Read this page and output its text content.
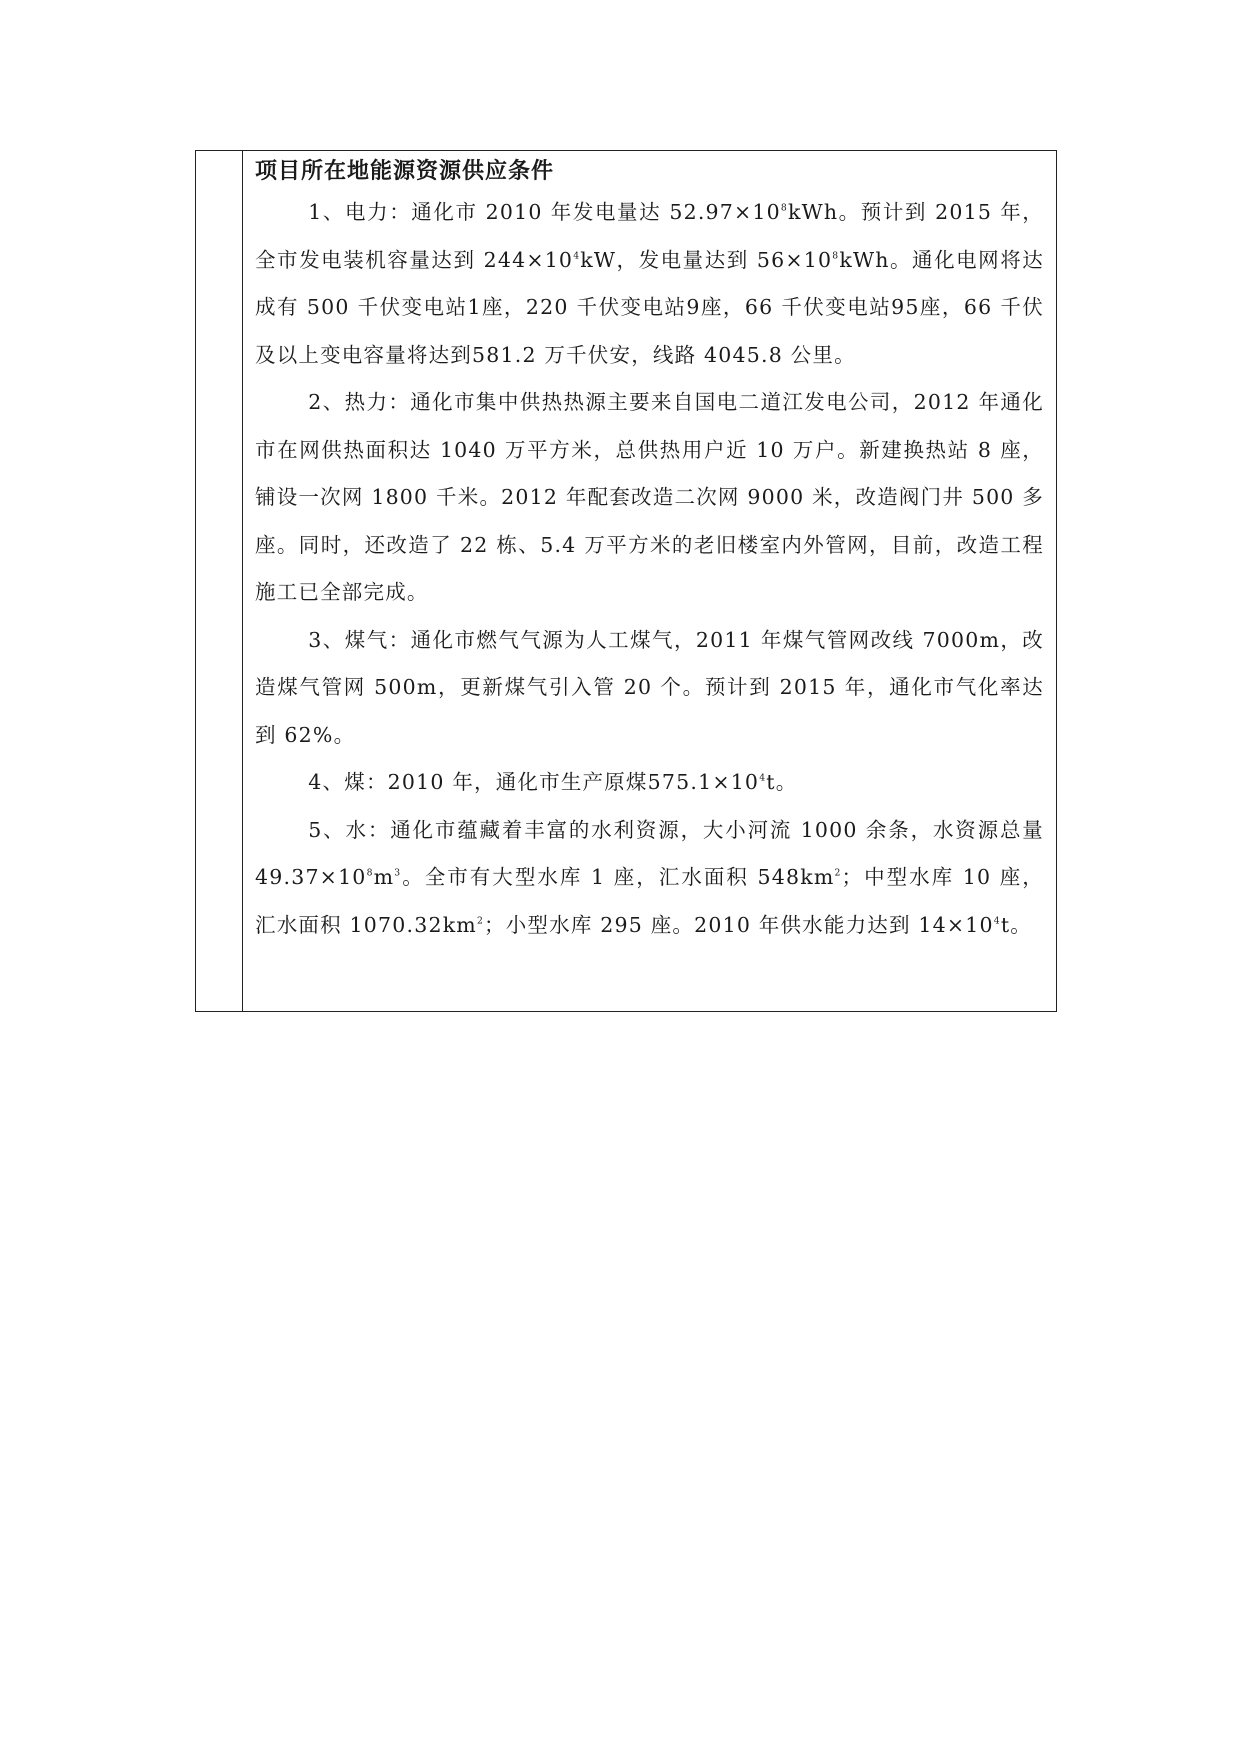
项目所在地能源资源供应条件

1、电力：通化市 2010 年发电量达 $52.97\times 10^8kWh$。预计到 2015 年，全市发电装机容量达到 $244\times 10^4kW$，发电量达到 $56\times 10^8kWh$。通化电网将达成有 500 千伏变电站1座，220 千伏变电站9座，66 千伏变电站95座，66 千伏及以上变电容量将达到581.2 万千伏安，线路 4045.8 公里。

2、热力：通化市集中供热热源主要来自国电二道江发电公司，2012 年通化市在网供热面积达 1040 万平方米，总供热用户近 10 万户。新建换热站 8 座，铺设一次网 1800 千米。2012 年配套改造二次网 9000 米，改造阀门井 500 多座。同时，还改造了 22 栋、5.4 万平方米的老旧楼室内外管网，目前，改造工程施工已全部完成。

3、煤气：通化市燃气气源为人工煤气，2011 年煤气管网改线 7000m，改造煤气管网 500m，更新煤气引入管 20 个。预计到 2015 年，通化市气化率达到 62%。

4、煤：2010 年，通化市生产原煤$575.1\times 10^4t$。

5、水：通化市蕴藏着丰富的水利资源，大小河流 1000 余条，水资源总量 $49.37\times 10^8m^3$。全市有大型水库 1 座，汇水面积 $548km^2$；中型水库 10 座，汇水面积 $1070.32km^2$；小型水库 295 座。2010 年供水能力达到 $14\times 10^4t$。
